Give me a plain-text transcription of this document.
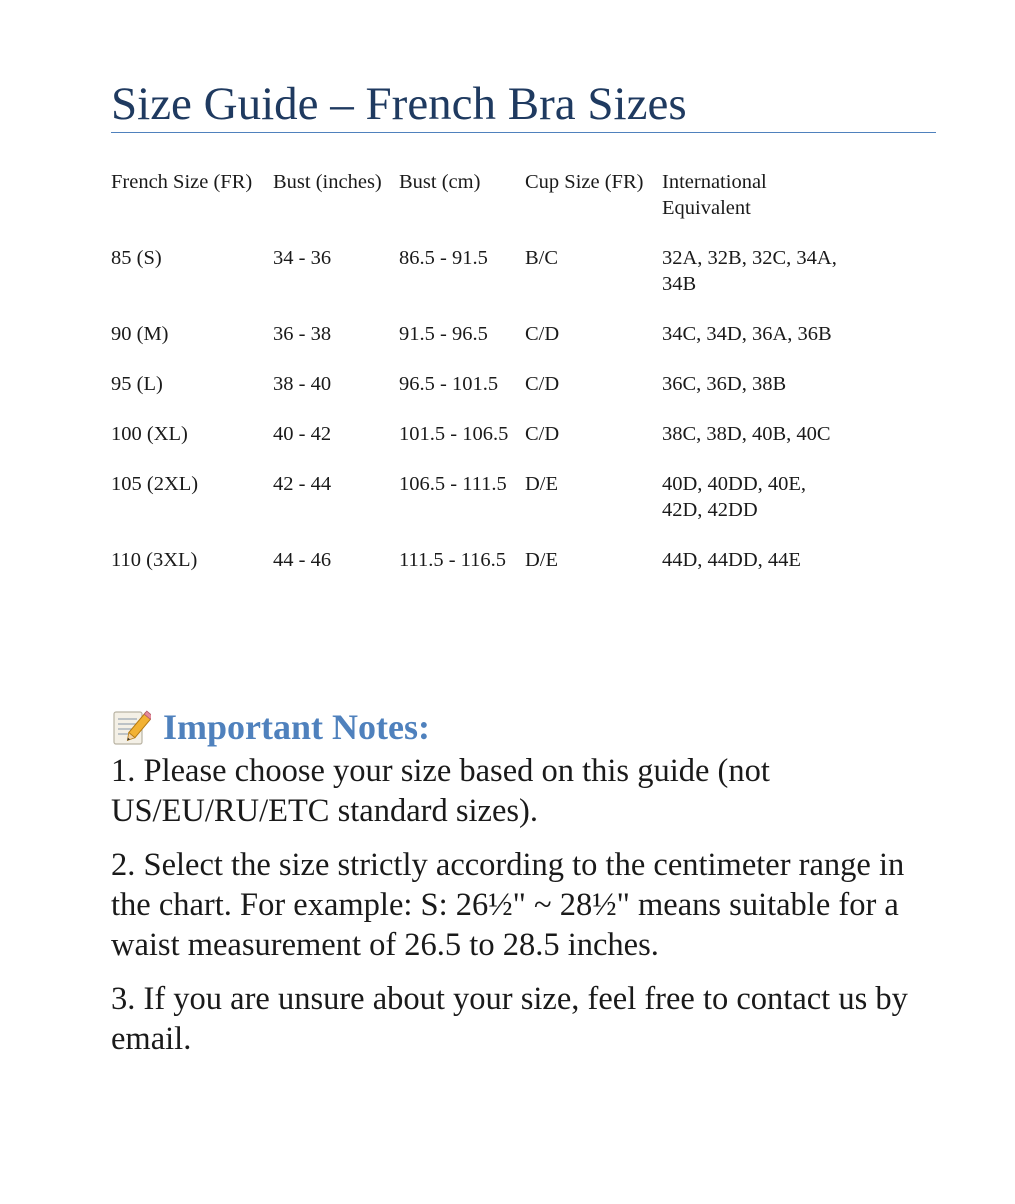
Size Guide – French Bra Sizes
French Size (FR)	Bust (inches)	Bust (cm)	Cup Size (FR)	International Equivalent
85 (S)	34 - 36	86.5 - 91.5	B/C	32A, 32B, 32C, 34A, 34B
90 (M)	36 - 38	91.5 - 96.5	C/D	34C, 34D, 36A, 36B
95 (L)	38 - 40	96.5 - 101.5	C/D	36C, 36D, 38B
100 (XL)	40 - 42	101.5 - 106.5	C/D	38C, 38D, 40B, 40C
105 (2XL)	42 - 44	106.5 - 111.5	D/E	40D, 40DD, 40E, 42D, 42DD
110 (3XL)	44 - 46	111.5 - 116.5	D/E	44D, 44DD, 44E
Important Notes:

1. Please choose your size based on this guide (not US/EU/RU/ETC standard sizes).

2. Select the size strictly according to the centimeter range in the chart. For example: S: 26½" ~ 28½" means suitable for a waist measurement of 26.5 to 28.5 inches.

3. If you are unsure about your size, feel free to contact us by email.
